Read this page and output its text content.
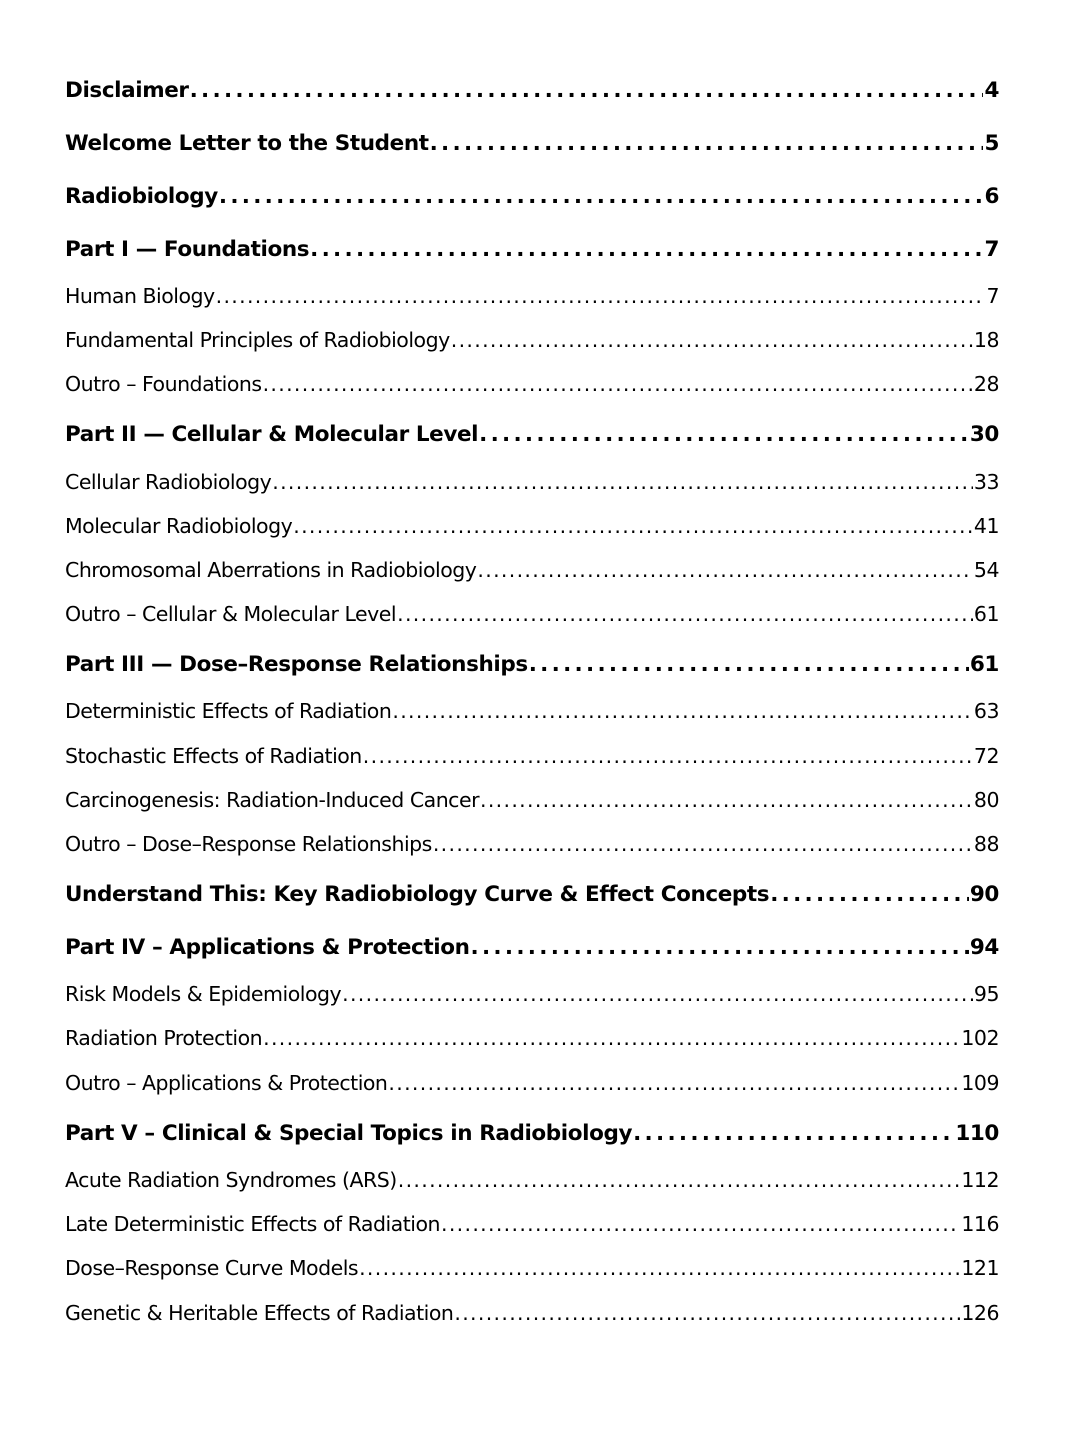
Disclaimer . . .	4
Welcome Letter to the Student . . .	5
Radiobiology . . .	6
Part I — Foundations . . .	7
Human Biology . . .	7
Fundamental Principles of Radiobiology . . .	18
Outro – Foundations . . .	28
Part II — Cellular & Molecular Level . . .	30
Cellular Radiobiology . . .	33
Molecular Radiobiology . . .	41
Chromosomal Aberrations in Radiobiology . . .	54
Outro – Cellular & Molecular Level . . .	61
Part III — Dose–Response Relationships . . .	61
Deterministic Effects of Radiation . . .	63
Stochastic Effects of Radiation . . .	72
Carcinogenesis: Radiation-Induced Cancer . . .	80
Outro – Dose–Response Relationships . . .	88
Understand This: Key Radiobiology Curve & Effect Concepts . . .	90
Part IV – Applications & Protection . . .	94
Risk Models & Epidemiology . . .	95
Radiation Protection . . .	102
Outro – Applications & Protection . . .	109
Part V – Clinical & Special Topics in Radiobiology . . .	110
Acute Radiation Syndromes (ARS) . . .	112
Late Deterministic Effects of Radiation . . .	116
Dose–Response Curve Models . . .	121
Genetic & Heritable Effects of Radiation . . .	126
